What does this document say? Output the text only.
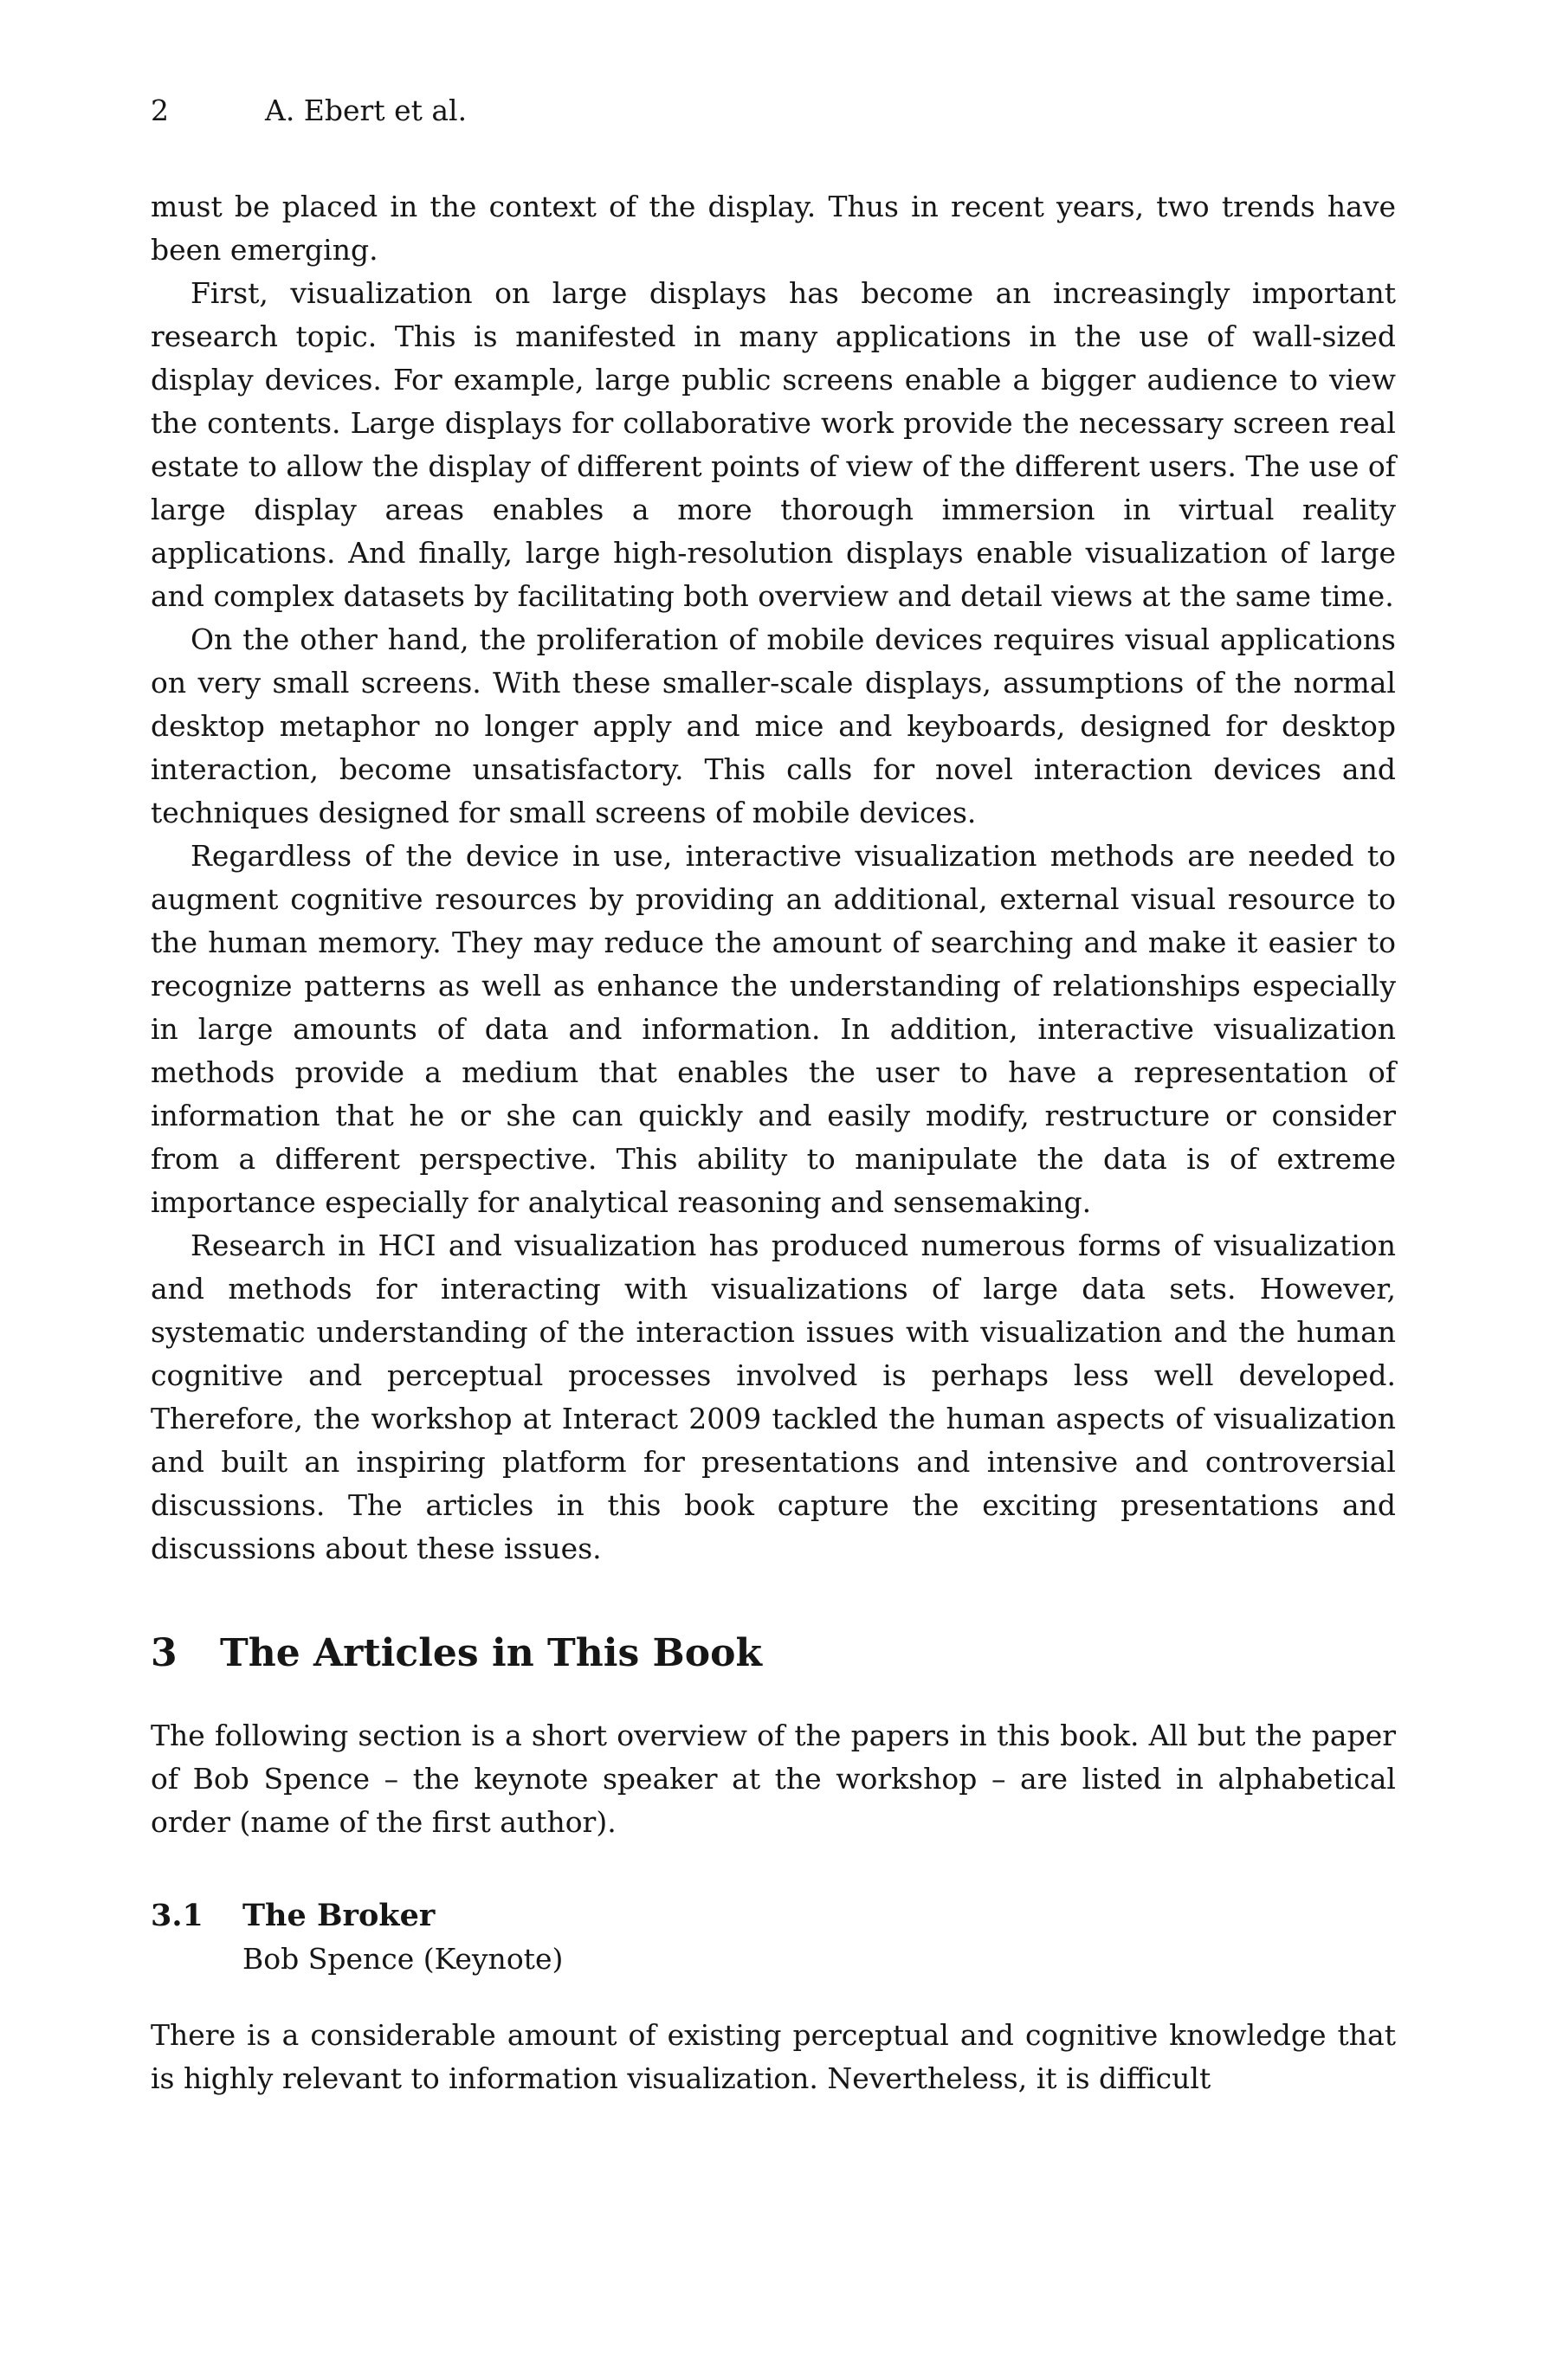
2	A. Ebert et al.

must be placed in the context of the display. Thus in recent years, two trends have been emerging.

First, visualization on large displays has become an increasingly important research topic. This is manifested in many applications in the use of wall-sized display devices. For example, large public screens enable a bigger audience to view the contents. Large displays for collaborative work provide the necessary screen real estate to allow the display of different points of view of the different users. The use of large display areas enables a more thorough immersion in virtual reality applications. And finally, large high-resolution displays enable visualization of large and complex datasets by facilitating both overview and detail views at the same time.

On the other hand, the proliferation of mobile devices requires visual applications on very small screens. With these smaller-scale displays, assumptions of the normal desktop metaphor no longer apply and mice and keyboards, designed for desktop interaction, become unsatisfactory. This calls for novel interaction devices and techniques designed for small screens of mobile devices.

Regardless of the device in use, interactive visualization methods are needed to augment cognitive resources by providing an additional, external visual resource to the human memory. They may reduce the amount of searching and make it easier to recognize patterns as well as enhance the understanding of relationships especially in large amounts of data and information. In addition, interactive visualization methods provide a medium that enables the user to have a representation of information that he or she can quickly and easily modify, restructure or consider from a different perspective. This ability to manipulate the data is of extreme importance especially for analytical reasoning and sensemaking.

Research in HCI and visualization has produced numerous forms of visualization and methods for interacting with visualizations of large data sets. However, systematic understanding of the interaction issues with visualization and the human cognitive and perceptual processes involved is perhaps less well developed. Therefore, the workshop at Interact 2009 tackled the human aspects of visualization and built an inspiring platform for presentations and intensive and controversial discussions. The articles in this book capture the exciting presentations and discussions about these issues.

3 The Articles in This Book

The following section is a short overview of the papers in this book. All but the paper of Bob Spence – the keynote speaker at the workshop – are listed in alphabetical order (name of the first author).

3.1 The Broker
Bob Spence (Keynote)

There is a considerable amount of existing perceptual and cognitive knowledge that is highly relevant to information visualization. Nevertheless, it is difficult
